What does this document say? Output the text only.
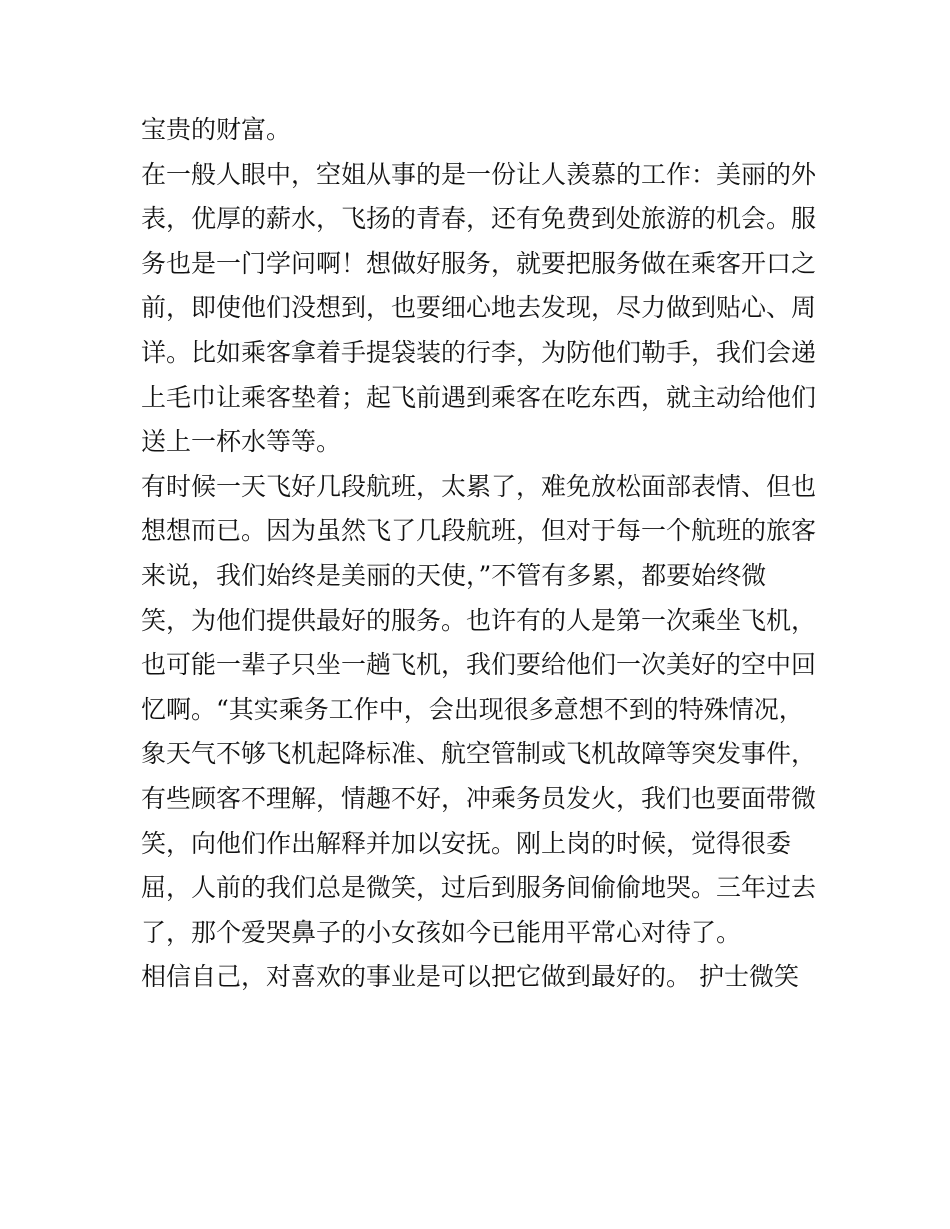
宝贵的财富。
在一般人眼中，空姐从事的是一份让人羡慕的工作：美丽的外
表，优厚的薪水，飞扬的青春，还有免费到处旅游的机会。服
务也是一门学问啊！想做好服务，就要把服务做在乘客开口之
前，即使他们没想到，也要细心地去发现，尽力做到贴心、周
详。比如乘客拿着手提袋装的行李，为防他们勒手，我们会递
上毛巾让乘客垫着；起飞前遇到乘客在吃东西，就主动给他们
送上一杯水等等。
有时候一天飞好几段航班，太累了，难免放松面部表情、但也
想想而已。因为虽然飞了几段航班，但对于每一个航班的旅客
来说，我们始终是美丽的天使，”不管有多累，都要始终微
笑，为他们提供最好的服务。也许有的人是第一次乘坐飞机，
也可能一辈子只坐一趟飞机，我们要给他们一次美好的空中回
忆啊。“其实乘务工作中，会出现很多意想不到的特殊情况，
象天气不够飞机起降标准、航空管制或飞机故障等突发事件，
有些顾客不理解，情趣不好，冲乘务员发火，我们也要面带微
笑，向他们作出解释并加以安抚。刚上岗的时候，觉得很委
屈，人前的我们总是微笑，过后到服务间偷偷地哭。三年过去
了，那个爱哭鼻子的小女孩如今已能用平常心对待了。
相信自己，对喜欢的事业是可以把它做到最好的。 护士微笑
